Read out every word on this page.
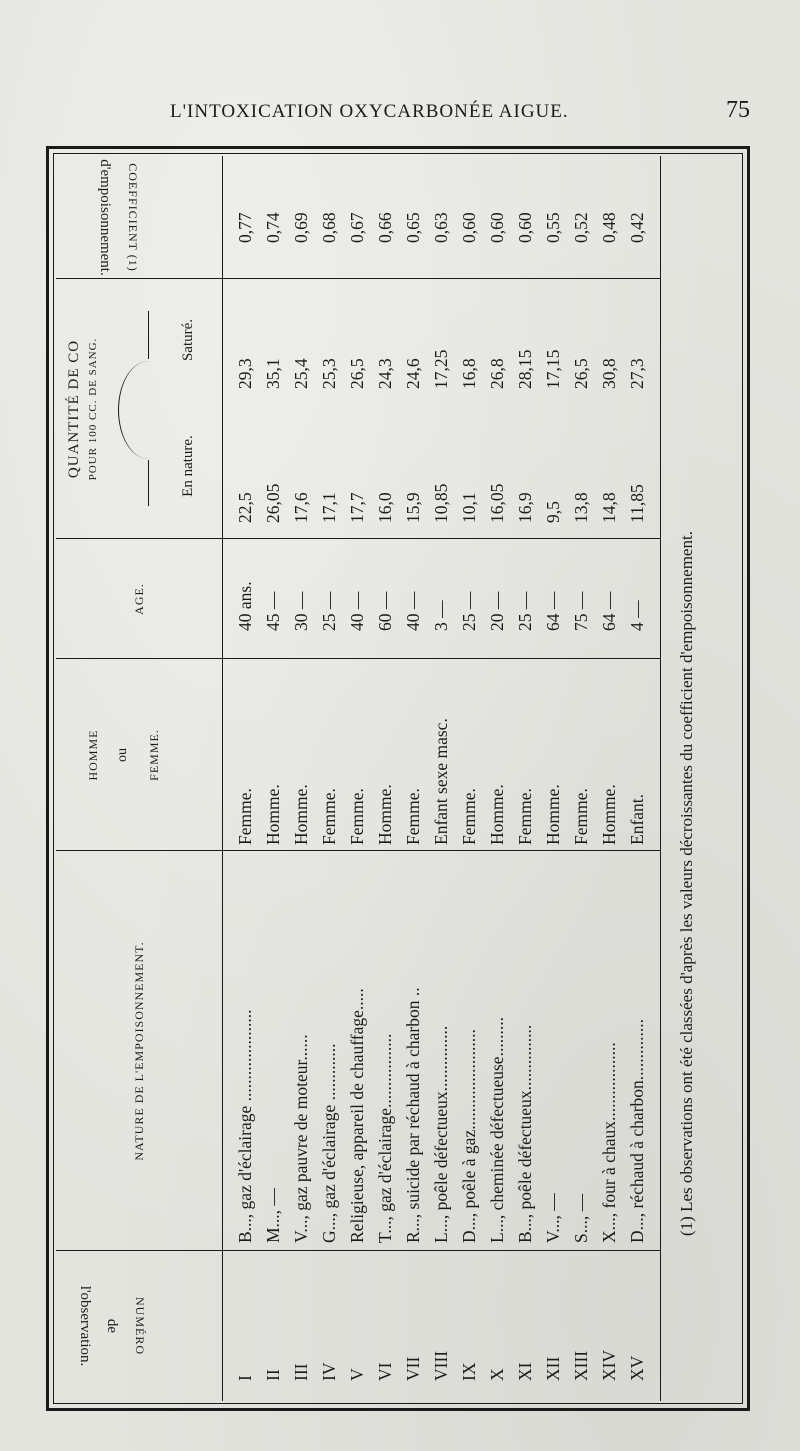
L'INTOXICATION OXYCARBONÉE AIGUE.	75
NUMÉRO
de
l'observation.
NATURE DE L'EMPOISONNEMENT.
HOMME ou FEMME.
AGE.
QUANTITÉ DE CO POUR 100 CC. DE SANG.	En nature.
Saturé.
COEFFICIENT (1)
d'empoisonnement.
I
B..., gaz d'éclairage .....................
Femme.
40 ans.
22,5
29,3
0,77
II
M..., —
Homme.
45 —
26,05
35,1
0,74
III
V..., gaz pauvre de moteur......
Homme.
30 —
17,6
25,4
0,69
IV
G..., gaz d'éclairage .............
Femme.
25 —
17,1
25,3
0,68
V
Religieuse, appareil de chauffage.....
Femme.
40 —
17,7
26,5
0,67
VI
T..., gaz d'éclairage.................
Homme.
60 —
16,0
24,3
0,66
VII
R..., suicide par réchaud à charbon ..
Femme.
40 —
15,9
24,6
0,65
VIII
L..., poêle défectueux...............
Enfant sexe masc.
3 —
10,85
17,25
0,63
IX
D..., poêle à gaz.......................
Femme.
25 —
10,1
16,8
0,60
X
L..., cheminée défectueuse.........
Homme.
20 —
16,05
26,8
0,60
XI
B..., poêle défectueux...............
Femme.
25 —
16,9
28,15
0,60
XII
V..., —
Homme.
64 —
9,5
17,15
0,55
XIII
S..., —
Femme.
75 —
13,8
26,5
0,52
XIV
X..., four à chaux..................
Homme.
64 —
14,8
30,8
0,48
XV
D..., réchaud à charbon..............
Enfant.
4 —
11,85
27,3
0,42
(1) Les observations ont été classées d'après les valeurs décroissantes du coefficient d'empoisonnement.
